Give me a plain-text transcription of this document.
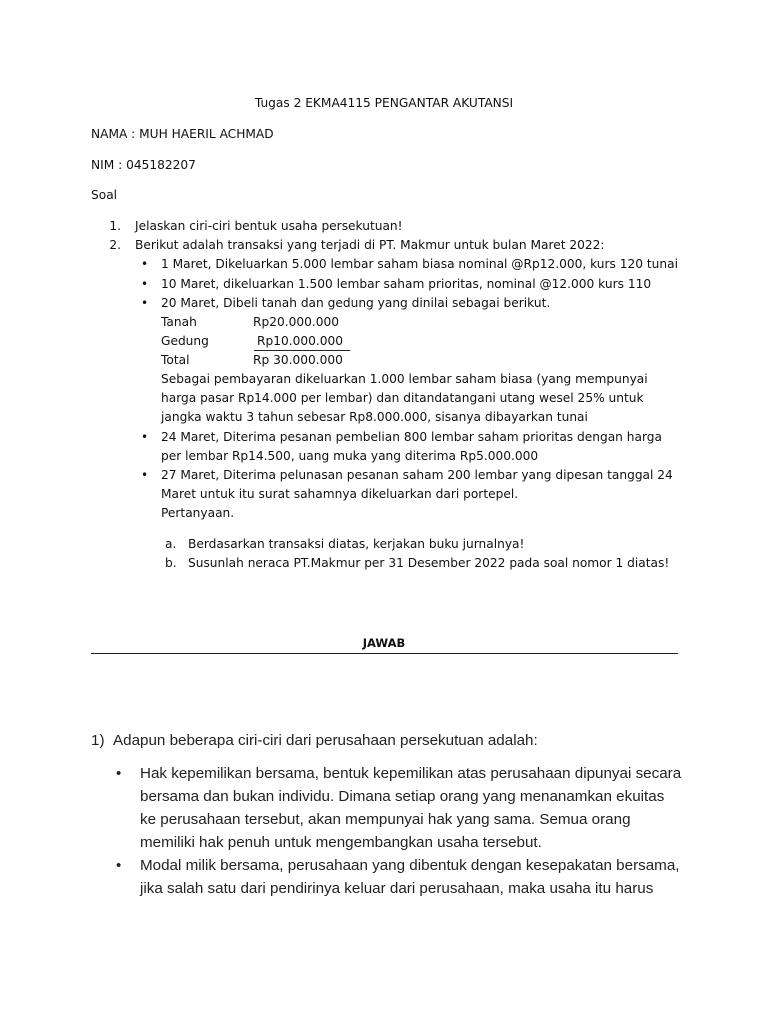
Tugas 2 EKMA4115 PENGANTAR AKUTANSI
NAMA : MUH HAERIL ACHMAD
NIM : 045182207
Soal
1. Jelaskan ciri-ciri bentuk usaha persekutuan!
2. Berikut adalah transaksi yang terjadi di PT. Makmur untuk bulan Maret 2022:
• 1 Maret, Dikeluarkan 5.000 lembar saham biasa nominal @Rp12.000, kurs 120 tunai
• 10 Maret, dikeluarkan 1.500 lembar saham prioritas, nominal @12.000 kurs 110
• 20 Maret, Dibeli tanah dan gedung yang dinilai sebagai berikut.
Tanah	Rp20.000.000
Gedung	Rp10.000.000
Total	Rp 30.000.000
Sebagai pembayaran dikeluarkan 1.000 lembar saham biasa (yang mempunyai
harga pasar Rp14.000 per lembar) dan ditandatangani utang wesel 25% untuk
jangka waktu 3 tahun sebesar Rp8.000.000, sisanya dibayarkan tunai
• 24 Maret, Diterima pesanan pembelian 800 lembar saham prioritas dengan harga
per lembar Rp14.500, uang muka yang diterima Rp5.000.000
• 27 Maret, Diterima pelunasan pesanan saham 200 lembar yang dipesan tanggal 24
Maret untuk itu surat sahamnya dikeluarkan dari portepel.
Pertanyaan.
a. Berdasarkan transaksi diatas, kerjakan buku jurnalnya!
b. Susunlah neraca PT.Makmur per 31 Desember 2022 pada soal nomor 1 diatas!
JAWAB
1) Adapun beberapa ciri-ciri dari perusahaan persekutuan adalah:
• Hak kepemilikan bersama, bentuk kepemilikan atas perusahaan dipunyai secara
bersama dan bukan individu. Dimana setiap orang yang menanamkan ekuitas
ke perusahaan tersebut, akan mempunyai hak yang sama. Semua orang
memiliki hak penuh untuk mengembangkan usaha tersebut.
• Modal milik bersama, perusahaan yang dibentuk dengan kesepakatan bersama,
jika salah satu dari pendirinya keluar dari perusahaan, maka usaha itu harus
